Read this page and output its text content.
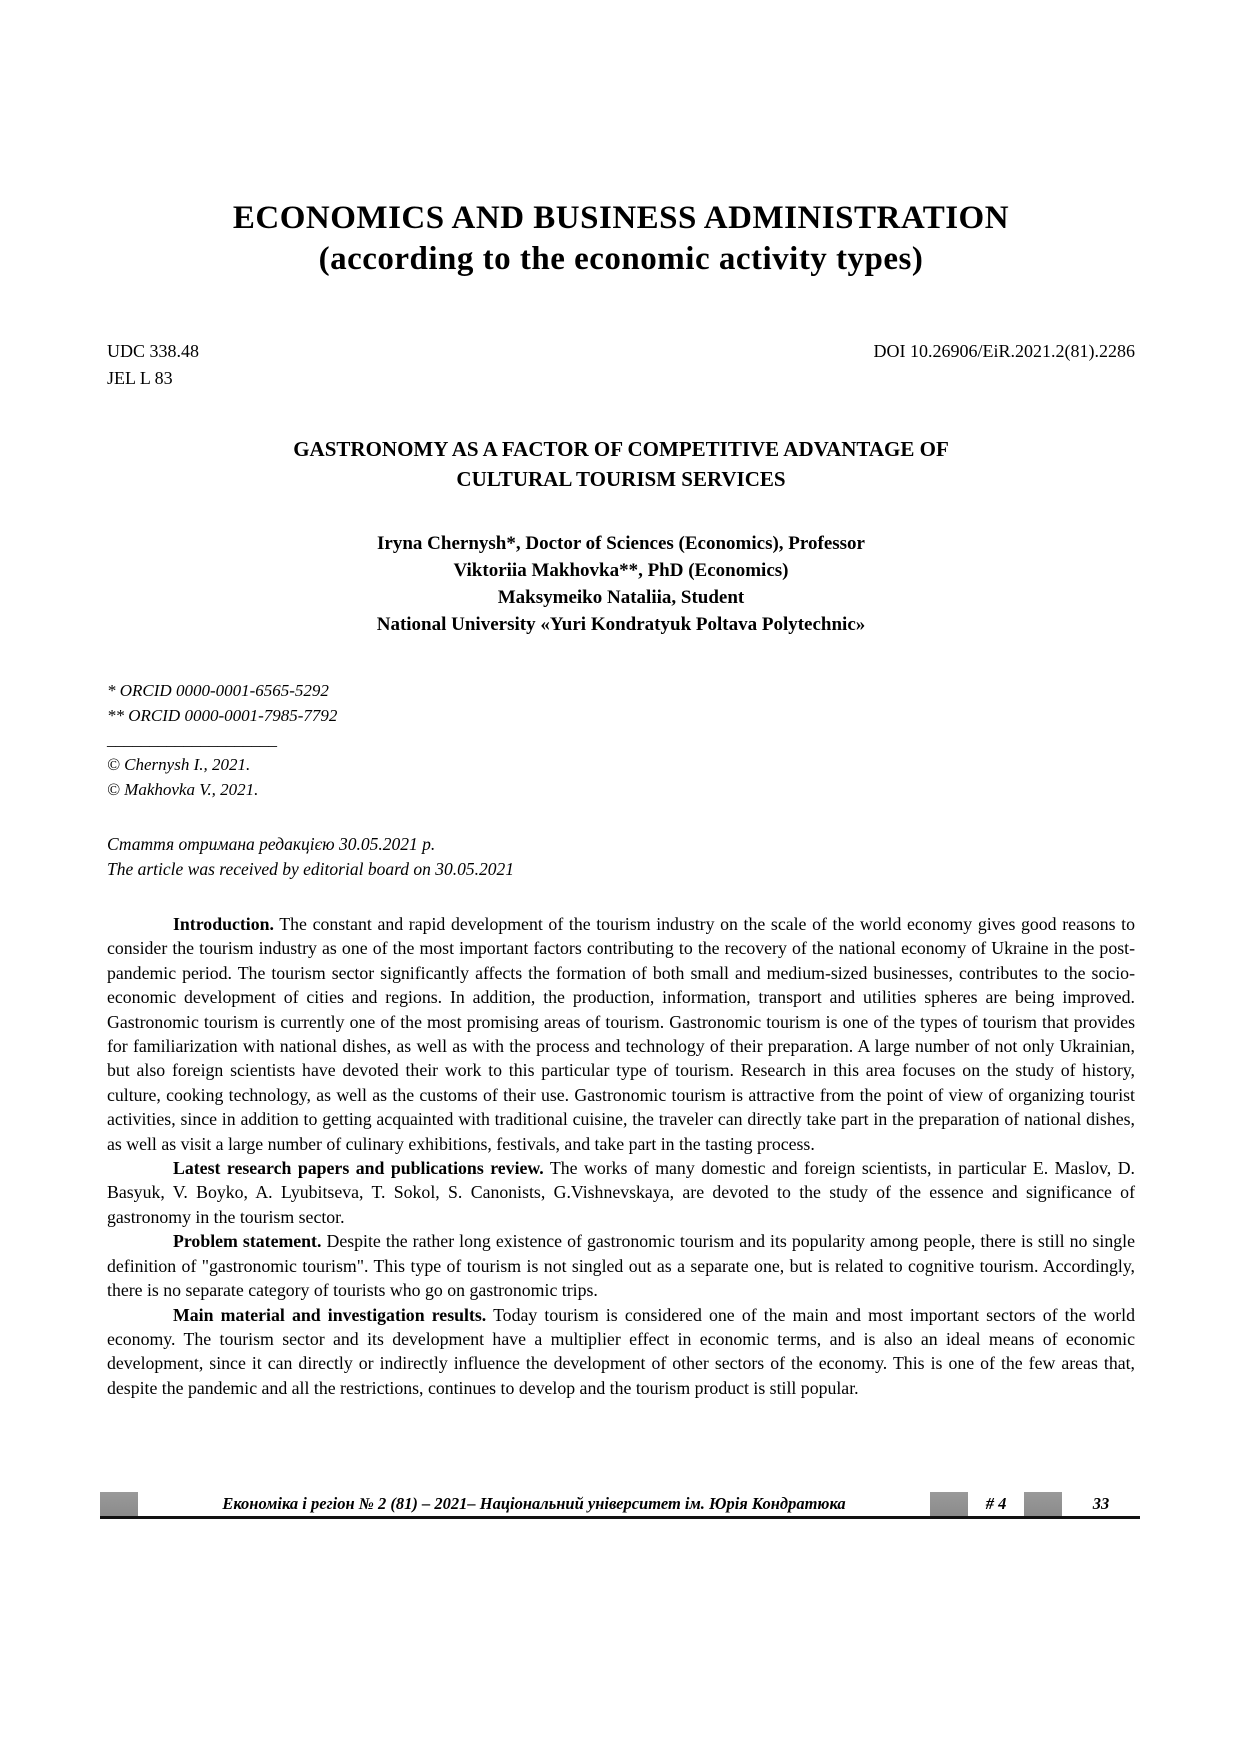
ECONOMICS AND BUSINESS ADMINISTRATION
(according to the economic activity types)
UDC 338.48	DOI 10.26906/EiR.2021.2(81).2286
JEL L 83
GASTRONOMY AS A FACTOR OF COMPETITIVE ADVANTAGE OF
CULTURAL TOURISM SERVICES
Iryna Chernysh*, Doctor of Sciences (Economics), Professor
Viktoriia Makhovka**, PhD (Economics)
Maksymeiko Nataliia, Student
National University «Yuri Kondratyuk Poltava Polytechnic»
* ORCID 0000-0001-6565-5292
** ORCID 0000-0001-7985-7792
____________________
© Chernysh I., 2021.
© Makhovka V., 2021.
Стаття отримана редакцією 30.05.2021 р.
The article was received by editorial board on 30.05.2021

Introduction. The constant and rapid development of the tourism industry on the scale of the world economy gives good reasons to consider the tourism industry as one of the most important factors contributing to the recovery of the national economy of Ukraine in the post-pandemic period. The tourism sector significantly affects the formation of both small and medium-sized businesses, contributes to the socio-economic development of cities and regions. In addition, the production, information, transport and utilities spheres are being improved. Gastronomic tourism is currently one of the most promising areas of tourism. Gastronomic tourism is one of the types of tourism that provides for familiarization with national dishes, as well as with the process and technology of their preparation. A large number of not only Ukrainian, but also foreign scientists have devoted their work to this particular type of tourism. Research in this area focuses on the study of history, culture, cooking technology, as well as the customs of their use. Gastronomic tourism is attractive from the point of view of organizing tourist activities, since in addition to getting acquainted with traditional cuisine, the traveler can directly take part in the preparation of national dishes, as well as visit a large number of culinary exhibitions, festivals, and take part in the tasting process.

Latest research papers and publications review. The works of many domestic and foreign scientists, in particular E. Maslov, D. Basyuk, V. Boyko, A. Lyubitseva, T. Sokol, S. Canonists, G.Vishnevskaya, are devoted to the study of the essence and significance of gastronomy in the tourism sector.

Problem statement. Despite the rather long existence of gastronomic tourism and its popularity among people, there is still no single definition of "gastronomic tourism". This type of tourism is not singled out as a separate one, but is related to cognitive tourism. Accordingly, there is no separate category of tourists who go on gastronomic trips.

Main material and investigation results. Today tourism is considered one of the main and most important sectors of the world economy. The tourism sector and its development have a multiplier effect in economic terms, and is also an ideal means of economic development, since it can directly or indirectly influence the development of other sectors of the economy. This is one of the few areas that, despite the pandemic and all the restrictions, continues to develop and the tourism product is still popular.

Економіка і регіон № 2 (81) – 2021– Національний університет ім. Юрія Кондратюка	# 4	33
